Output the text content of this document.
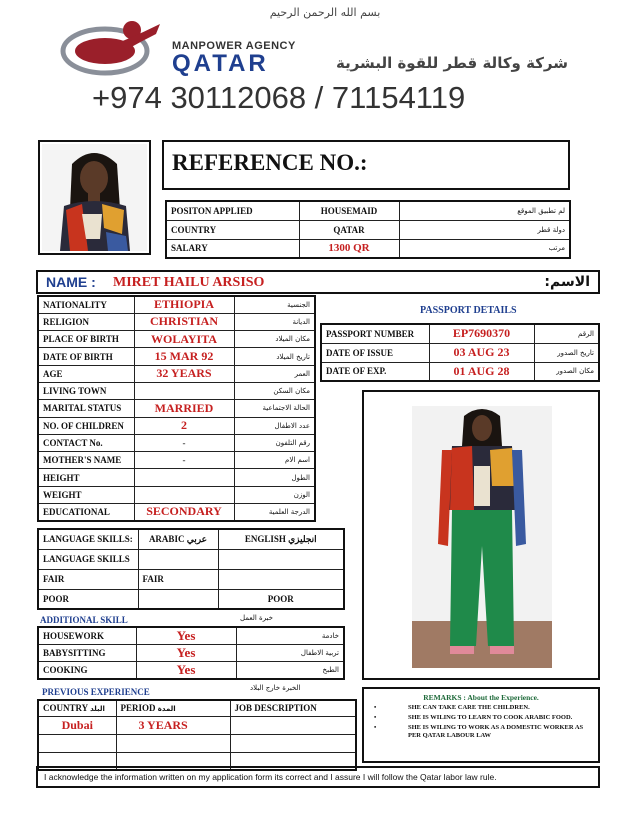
بسم الله الرحمن الرحيم
MANPOWER AGENCY
QATAR	شركة وكالة قطر للقوة البشرية
+974 30112068 / 71154119
REFERENCE NO.:
POSITON APPLIED	HOUSEMAID	لم تطبيق الموقع
COUNTRY	QATAR	دولة قطر
SALARY	1300 QR	مرتب
NAME : MIRET HAILU ARSISO	الاسم:
NATIONALITY	ETHIOPIA	الجنسية
RELIGION	CHRISTIAN	الديانة
PLACE OF BIRTH	WOLAYITA	مكان الميلاد
DATE OF BIRTH	15 MAR 92	تاريخ الميلاد
AGE	32 YEARS	العمر
LIVING TOWN		مكان السكن
MARITAL STATUS	MARRIED	الحالة الاجتماعية
NO. OF CHILDREN	2	عدد الاطفال
CONTACT No.	-	رقم التلفون
MOTHER'S NAME	-	اسم الام
HEIGHT		الطول
WEIGHT		الوزن
EDUCATIONAL	SECONDARY	الدرجة العلمية
PASSPORT DETAILS
PASSPORT NUMBER	EP7690370	الرقم
DATE OF ISSUE	03 AUG 23	تاريخ الصدور
DATE OF EXP.	01 AUG 28	مكان الصدور
LANGUAGE SKILLS:	ARABIC عربي	ENGLISH انجليزي
LANGUAGE SKILLS		
FAIR	FAIR	
POOR		POOR
ADDITIONAL SKILL	خبرة العمل
HOUSEWORK	Yes	خادمة
BABYSITTING	Yes	تربية الاطفال
COOKING	Yes	الطبخ
PREVIOUS EXPERIENCE	الخبرة خارج البلاد
COUNTRY البلد	PERIOD المدة	JOB DESCRIPTION
Dubai	3 YEARS	

REMARKS : About the Experience.
•	SHE CAN TAKE CARE THE CHILDREN.
•	SHE IS WILING TO LEARN TO COOK ARABIC FOOD.
•	SHE IS WILING TO WORK AS A DOMESTIC WORKER AS PER QATAR LABOUR LAW
I acknowledge the information written on my application form its correct and I assure I will follow the Qatar labor law rule.
